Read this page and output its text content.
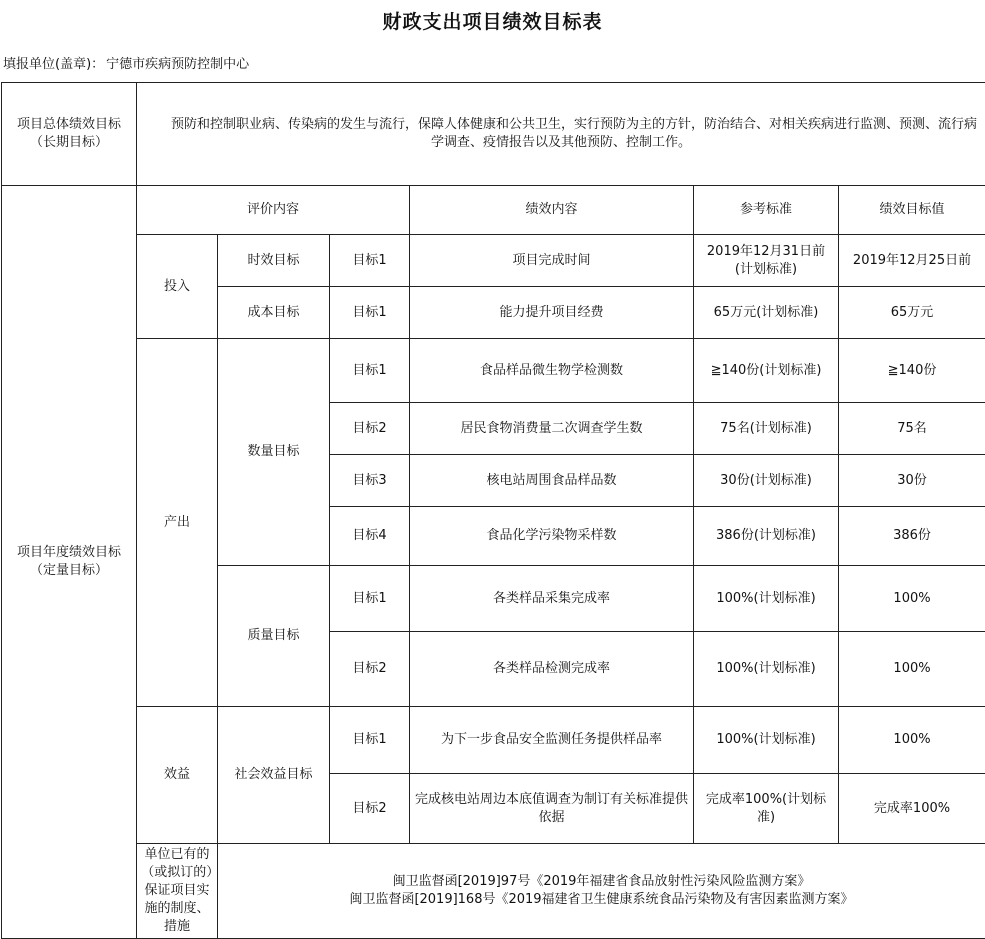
财政支出项目绩效目标表
填报单位(盖章)： 宁德市疾病预防控制中心
项目总体绩效目标（长期目标）	预防和控制职业病、传染病的发生与流行，保障人体健康和公共卫生，实行预防为主的方针，防治结合、对相关疾病进行监测、预测、流行病学调查、疫情报告以及其他预防、控制工作。					

项目年度绩效目标（定量目标）	评价内容			绩效内容	参考标准	绩效目标值
	投入	时效目标	目标1	项目完成时间	2019年12月31日前(计划标准)	2019年12月25日前
		成本目标	目标1	能力提升项目经费	65万元(计划标准)	65万元
	产出	数量目标	目标1	食品样品微生物学检测数	≧140份(计划标准)	≧140份
			目标2	居民食物消费量二次调查学生数	75名(计划标准)	75名
			目标3	核电站周围食品样品数	30份(计划标准)	30份
			目标4	食品化学污染物采样数	386份(计划标准)	386份
		质量目标	目标1	各类样品采集完成率	100%(计划标准)	100%
			目标2	各类样品检测完成率	100%(计划标准)	100%
	效益	社会效益目标	目标1	为下一步食品安全监测任务提供样品率	100%(计划标准)	100%
			目标2	完成核电站周边本底值调查为制订有关标准提供依据	完成率100%(计划标准)	完成率100%
	单位已有的（或拟订的）保证项目实施的制度、措施	闽卫监督函[2019]97号《2019年福建省食品放射性污染风险监测方案》
闽卫监督函[2019]168号《2019福建省卫生健康系统食品污染物及有害因素监测方案》				
